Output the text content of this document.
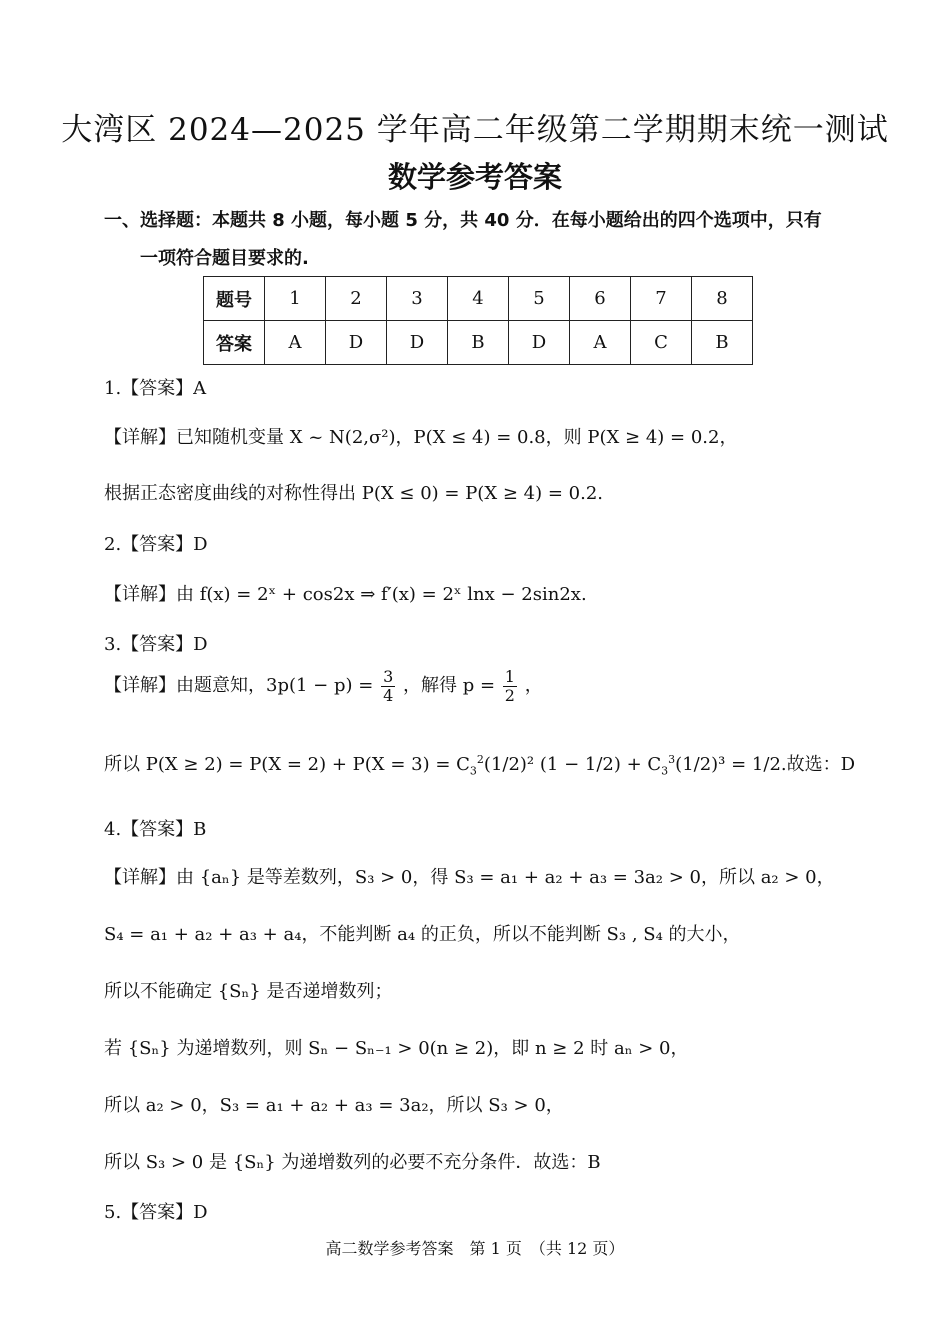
大湾区 2024—2025 学年高二年级第二学期期末统一测试
数学参考答案
一、选择题：本题共 8 小题，每小题 5 分，共 40 分．在每小题给出的四个选项中，只有
一项符合题目要求的.
题号	1	2	3	4	5	6	7	8
答案	A	D	D	B	D	A	C	B
1.【答案】A
【详解】已知随机变量 X ~ N(2,σ²)，P(X ≤ 4) = 0.8，则 P(X ≥ 4) = 0.2，
根据正态密度曲线的对称性得出 P(X ≤ 0) = P(X ≥ 4) = 0.2.
2.【答案】D
【详解】由 f(x) = 2ˣ + cos2x ⇒ f′(x) = 2ˣ lnx − 2sin2x.
3.【答案】D
【详解】由题意知，$3p(1 - p) = \frac{3}{4}$ ，解得 $p = \frac{1}{2}$ ，
所以 $P(X \ge 2) = P(X = 2) + P(X = 3) = C_3^2(1/2)^2$ $(1 - 1/2) + C_3^3(1/2)^3 = 1/2$.故选：D
4.【答案】B
【详解】由 {aₙ} 是等差数列，S₃ > 0，得 S₃ = a₁ + a₂ + a₃ = 3a₂ > 0，所以 a₂ > 0，
S₄ = a₁ + a₂ + a₃ + a₄，不能判断 a₄ 的正负，所以不能判断 S₃ , S₄ 的大小，
所以不能确定 {Sₙ} 是否递增数列；
若 {Sₙ} 为递增数列，则 Sₙ − Sₙ₋₁ > 0(n ≥ 2)，即 n ≥ 2 时 aₙ > 0，
所以 a₂ > 0，S₃ = a₁ + a₂ + a₃ = 3a₂，所以 S₃ > 0，
所以 S₃ > 0 是 {Sₙ} 为递增数列的必要不充分条件．故选：B
5.【答案】D
高二数学参考答案　第 1 页　（共 12 页）
